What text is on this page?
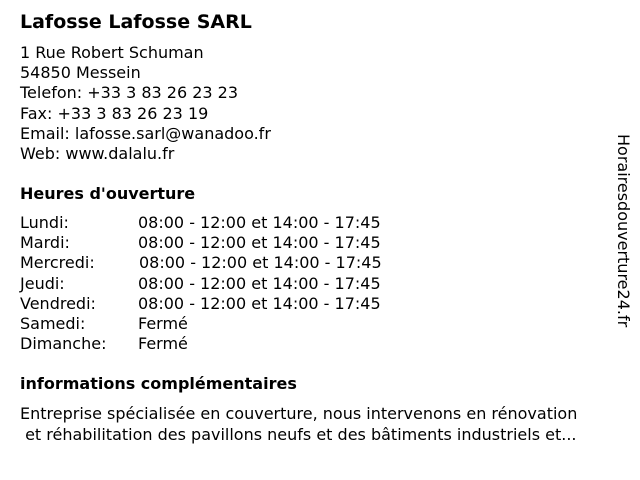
Lafosse Lafosse SARL
1 Rue Robert Schuman
54850 Messein
Telefon: +33 3 83 26 23 23
Fax: +33 3 83 26 23 19
Email: lafosse.sarl@wanadoo.fr
Web: www.dalalu.fr
Heures d'ouverture
Lundi:	08:00 - 12:00 et 14:00 - 17:45
Mardi:	08:00 - 12:00 et 14:00 - 17:45
Mercredi:	08:00 - 12:00 et 14:00 - 17:45
Jeudi:	08:00 - 12:00 et 14:00 - 17:45
Vendredi:	08:00 - 12:00 et 14:00 - 17:45
Samedi:	Fermé
Dimanche: Fermé
informations complémentaires
Entreprise spécialisée en couverture, nous intervenons en rénovation
et réhabilitation des pavillons neufs et des bâtiments industriels et...
Horairesdouverture24.fr
